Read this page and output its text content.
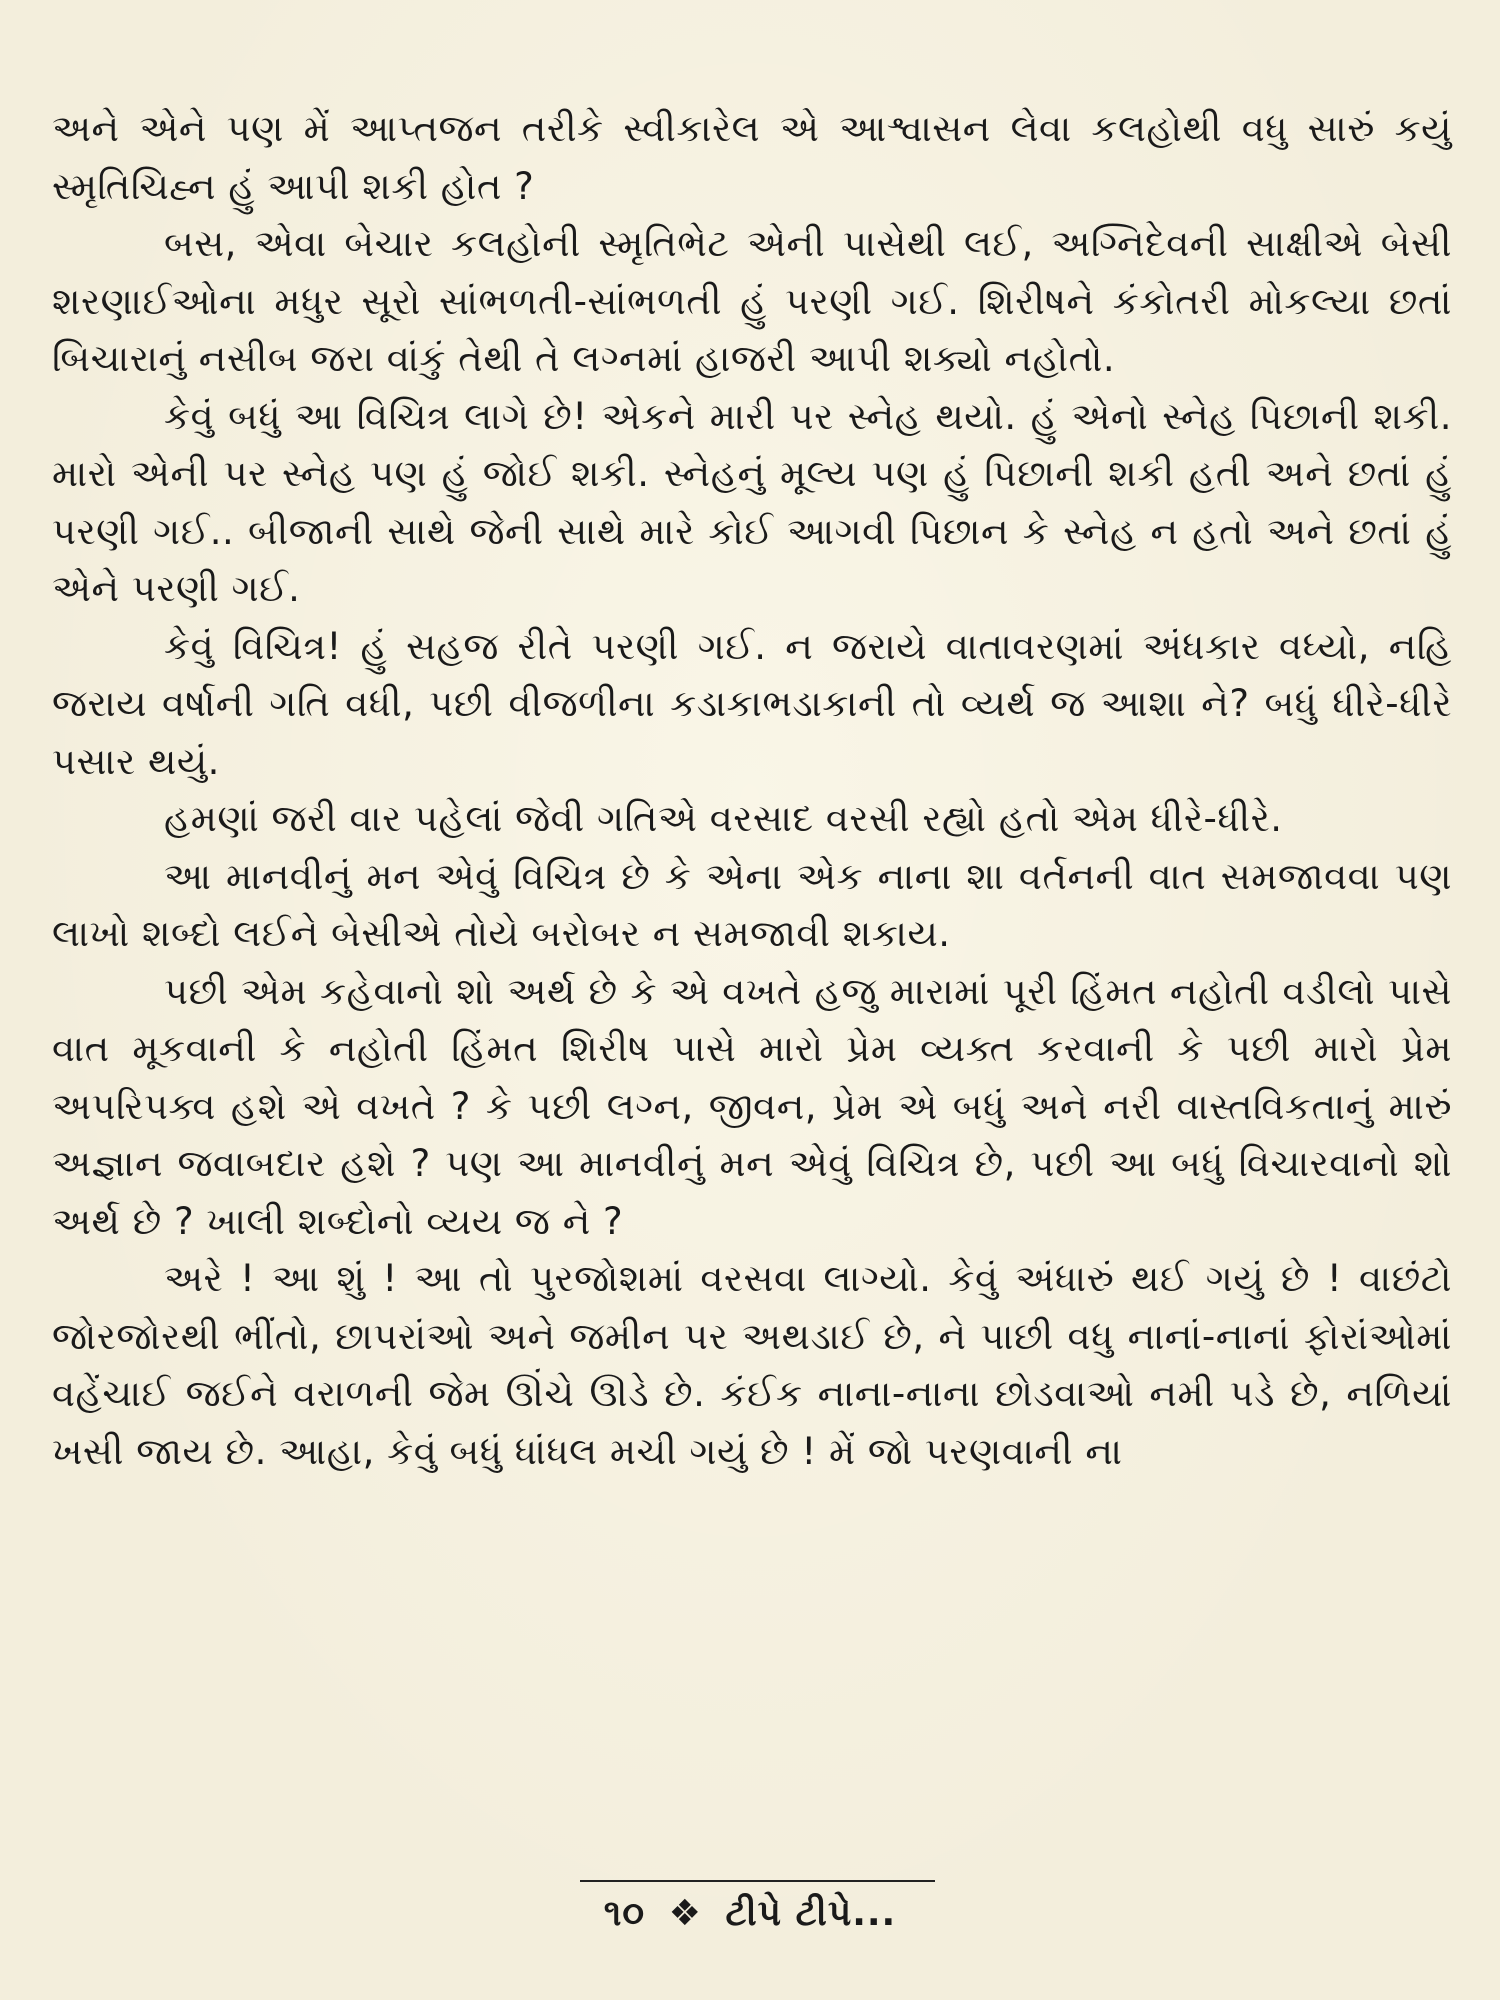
અને એને પણ મેં આપ્તજન તરીકે સ્વીકારેલ એ આશ્વાસન લેવા કલહોથી વધુ સારું કયું સ્મૃતિચિહ્ન હું આપી શકી હોત ?

બસ, એવા બેચાર કલહોની સ્મૃતિભેટ એની પાસેથી લઈ, અગ્નિદેવની સાક્ષીએ બેસી શરણાઈઓના મધુર સૂરો સાંભળતી-સાંભળતી હું પરણી ગઈ. શિરીષને કંકોતરી મોકલ્યા છતાં બિચારાનું નસીબ જરા વાંકું તેથી તે લગ્નમાં હાજરી આપી શક્યો નહોતો.

કેવું બધું આ વિચિત્ર લાગે છે! એકને મારી પર સ્નેહ થયો. હું એનો સ્નેહ પિછાની શકી. મારો એની પર સ્નેહ પણ હું જોઈ શકી. સ્નેહનું મૂલ્ય પણ હું પિછાની શકી હતી અને છતાં હું પરણી ગઈ.. બીજાની સાથે જેની સાથે મારે કોઈ આગવી પિછાન કે સ્નેહ ન હતો અને છતાં હું એને પરણી ગઈ.

કેવું વિચિત્ર! હું સહજ રીતે પરણી ગઈ. ન જરાયે વાતાવરણમાં અંધકાર વધ્યો, નહિ જરાય વર્ષાની ગતિ વધી, પછી વીજળીના કડાકાભડાકાની તો વ્યર્થ જ આશા ને? બધું ધીરે-ધીરે પસાર થયું.

હમણાં જરી વાર પહેલાં જેવી ગતિએ વરસાદ વરસી રહ્યો હતો એમ ધીરે-ધીરે.

આ માનવીનું મન એવું વિચિત્ર છે કે એના એક નાના શા વર્તનની વાત સમજાવવા પણ લાખો શબ્દો લઈને બેસીએ તોયે બરોબર ન સમજાવી શકાય.

પછી એમ કહેવાનો શો અર્થ છે કે એ વખતે હજુ મારામાં પૂરી હિંમત નહોતી વડીલો પાસે વાત મૂકવાની કે નહોતી હિંમત શિરીષ પાસે મારો પ્રેમ વ્યક્ત કરવાની કે પછી મારો પ્રેમ અપરિપક્વ હશે એ વખતે ? કે પછી લગ્ન, જીવન, પ્રેમ એ બધું અને નરી વાસ્તવિકતાનું મારું અજ્ઞાન જવાબદાર હશે ? પણ આ માનવીનું મન એવું વિચિત્ર છે, પછી આ બધું વિચારવાનો શો અર્થ છે ? ખાલી શબ્દોનો વ્યય જ ને ?

અરે ! આ શું ! આ તો પુરજોશમાં વરસવા લાગ્યો. કેવું અંધારું થઈ ગયું છે ! વાછંટો જોરજોરથી ભીંતો, છાપરાંઓ અને જમીન પર અથડાઈ છે, ને પાછી વધુ નાનાં-નાનાં ફોરાંઓમાં વહેંચાઈ જઈને વરાળની જેમ ઊંચે ઊડે છે. કંઈક નાના-નાના છોડવાઓ નમી પડે છે, નળિયાં ખસી જાય છે. આહા, કેવું બધું ધાંધલ મચી ગયું છે ! મેં જો પરણવાની ના

૧૦ ❖ ટીપે ટીપે...
